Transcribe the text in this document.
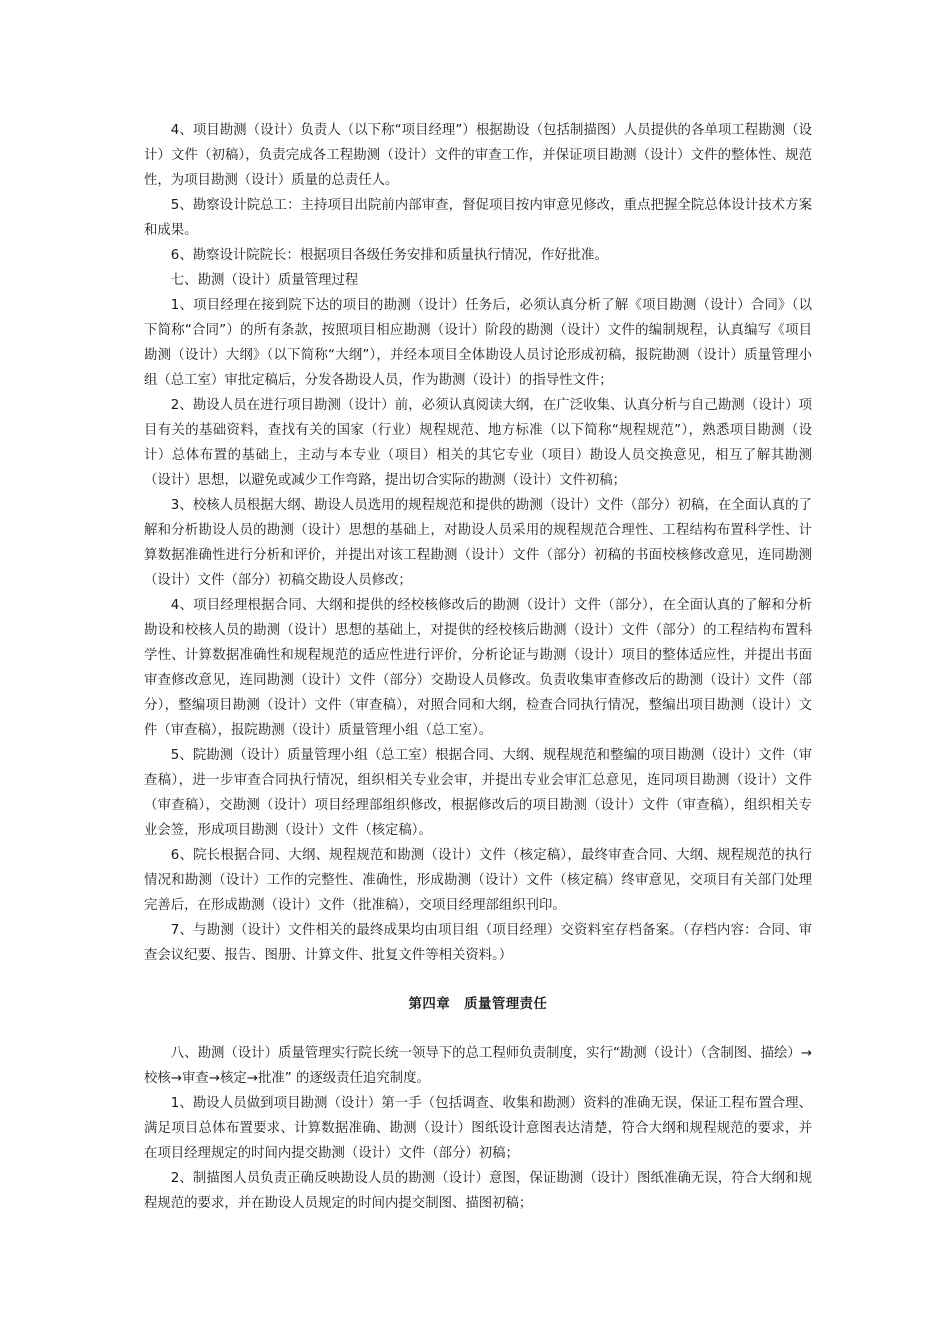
4、项目勘测（设计）负责人（以下称“项目经理”）根据勘设（包括制描图）人员提供的各单项工程勘测（设计）文件（初稿），负责完成各工程勘测（设计）文件的审查工作，并保证项目勘测（设计）文件的整体性、规范性，为项目勘测（设计）质量的总责任人。

5、勘察设计院总工：主持项目出院前内部审查，督促项目按内审意见修改，重点把握全院总体设计技术方案和成果。

6、勘察设计院院长：根据项目各级任务安排和质量执行情况，作好批准。

七、勘测（设计）质量管理过程

1、项目经理在接到院下达的项目的勘测（设计）任务后，必须认真分析了解《项目勘测（设计）合同》（以下简称“合同”）的所有条款，按照项目相应勘测（设计）阶段的勘测（设计）文件的编制规程，认真编写《项目勘测（设计）大纲》（以下简称“大纲”），并经本项目全体勘设人员讨论形成初稿，报院勘测（设计）质量管理小组（总工室）审批定稿后，分发各勘设人员，作为勘测（设计）的指导性文件；

2、勘设人员在进行项目勘测（设计）前，必须认真阅读大纲，在广泛收集、认真分析与自己勘测（设计）项目有关的基础资料，查找有关的国家（行业）规程规范、地方标准（以下简称“规程规范”），熟悉项目勘测（设计）总体布置的基础上，主动与本专业（项目）相关的其它专业（项目）勘设人员交换意见，相互了解其勘测（设计）思想，以避免或减少工作弯路，提出切合实际的勘测（设计）文件初稿；

3、校核人员根据大纲、勘设人员选用的规程规范和提供的勘测（设计）文件（部分）初稿，在全面认真的了解和分析勘设人员的勘测（设计）思想的基础上，对勘设人员采用的规程规范合理性、工程结构布置科学性、计算数据准确性进行分析和评价，并提出对该工程勘测（设计）文件（部分）初稿的书面校核修改意见，连同勘测（设计）文件（部分）初稿交勘设人员修改；

4、项目经理根据合同、大纲和提供的经校核修改后的勘测（设计）文件（部分），在全面认真的了解和分析勘设和校核人员的勘测（设计）思想的基础上，对提供的经校核后勘测（设计）文件（部分）的工程结构布置科学性、计算数据准确性和规程规范的适应性进行评价，分析论证与勘测（设计）项目的整体适应性，并提出书面审查修改意见，连同勘测（设计）文件（部分）交勘设人员修改。负责收集审查修改后的勘测（设计）文件（部分），整编项目勘测（设计）文件（审查稿），对照合同和大纲，检查合同执行情况，整编出项目勘测（设计）文件（审查稿），报院勘测（设计）质量管理小组（总工室）。

5、院勘测（设计）质量管理小组（总工室）根据合同、大纲、规程规范和整编的项目勘测（设计）文件（审查稿），进一步审查合同执行情况，组织相关专业会审，并提出专业会审汇总意见，连同项目勘测（设计）文件（审查稿），交勘测（设计）项目经理部组织修改，根据修改后的项目勘测（设计）文件（审查稿），组织相关专业会签，形成项目勘测（设计）文件（核定稿）。

6、院长根据合同、大纲、规程规范和勘测（设计）文件（核定稿），最终审查合同、大纲、规程规范的执行情况和勘测（设计）工作的完整性、准确性，形成勘测（设计）文件（核定稿）终审意见，交项目有关部门处理完善后，在形成勘测（设计）文件（批准稿），交项目经理部组织刊印。

7、与勘测（设计）文件相关的最终成果均由项目组（项目经理）交资料室存档备案。（存档内容：合同、审查会议纪要、报告、图册、计算文件、批复文件等相关资料。）

第四章　质量管理责任

八、勘测（设计）质量管理实行院长统一领导下的总工程师负责制度，实行“勘测（设计）（含制图、描绘）→校核→审查→核定→批准” 的逐级责任追究制度。

1、勘设人员做到项目勘测（设计）第一手（包括调查、收集和勘测）资料的准确无误，保证工程布置合理、满足项目总体布置要求、计算数据准确、勘测（设计）图纸设计意图表达清楚，符合大纲和规程规范的要求，并在项目经理规定的时间内提交勘测（设计）文件（部分）初稿；

2、制描图人员负责正确反映勘设人员的勘测（设计）意图，保证勘测（设计）图纸准确无误，符合大纲和规程规范的要求，并在勘设人员规定的时间内提交制图、描图初稿；
